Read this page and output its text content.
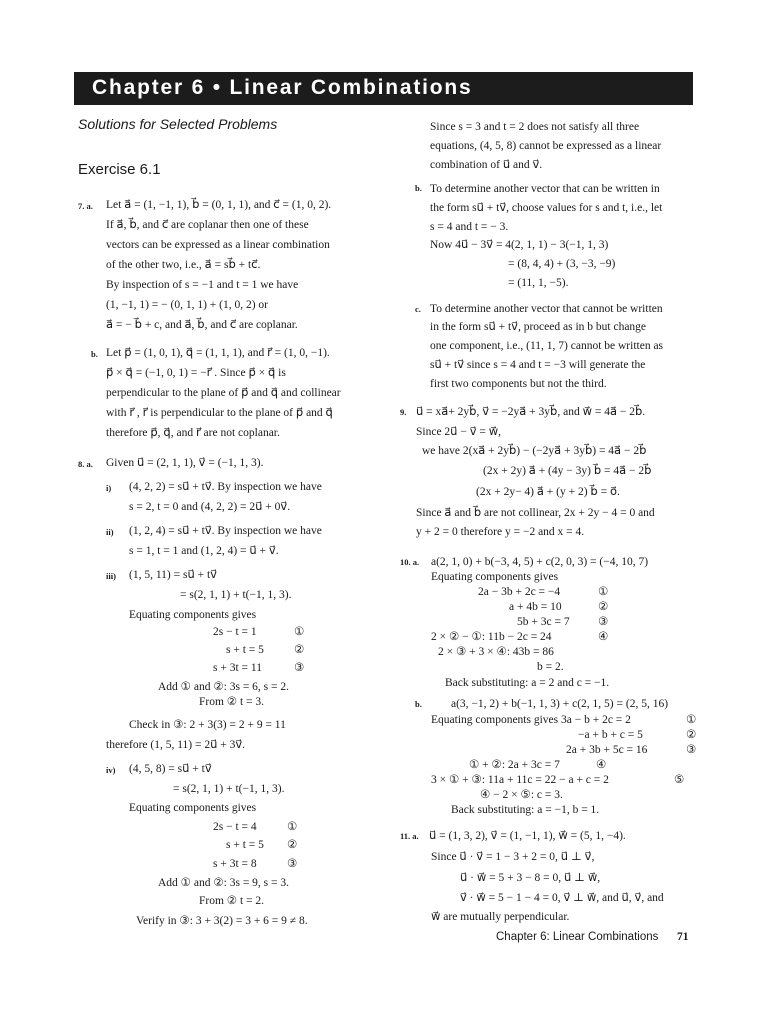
Chapter 6 • Linear Combinations
Solutions for Selected Problems
Exercise 6.1
7. a.
b.
8. a.
i)
ii)
iii)
iv)
b.
c.
9.
10. a.
b.
11. a.
Let a⃗ = (1, −1, 1), b⃗ = (0, 1, 1), and c⃗ = (1, 0, 2).
If a⃗, b⃗, and c⃗ are coplanar then one of these
vectors can be expressed as a linear combination
of the other two, i.e., a⃗ = sb⃗ + tc⃗.
By inspection of s = −1 and t = 1 we have
(1, −1, 1) = − (0, 1, 1) + (1, 0, 2) or
a⃗ = − b⃗ + c, and a⃗, b⃗, and c⃗ are coplanar.
Let p⃗ = (1, 0, 1), q⃗ = (1, 1, 1), and r⃗ = (1, 0, −1).
p⃗ × q⃗ = (−1, 0, 1) = −r⃗ . Since p⃗ × q⃗ is
perpendicular to the plane of p⃗ and q⃗ and collinear
with r⃗ , r⃗ is perpendicular to the plane of p⃗ and q⃗
therefore p⃗, q⃗, and r⃗ are not coplanar.
Given u⃗ = (2, 1, 1), v⃗ = (−1, 1, 3).
(4, 2, 2) = su⃗ + tv⃗. By inspection we have
s = 2, t = 0 and (4, 2, 2) = 2u⃗ + 0v⃗.
(1, 2, 4) = su⃗ + tv⃗. By inspection we have
s = 1, t = 1 and (1, 2, 4) = u⃗ + v⃗.
(1, 5, 11) = su⃗ + tv⃗
= s(2, 1, 1) + t(−1, 1, 3).
Equating components gives
2s − t = 1	①
s + t = 5	②
s + 3t = 11	③
Add ① and ②: 3s = 6, s = 2.
From ② t = 3.
Check in ③: 2 + 3(3) = 2 + 9 = 11
therefore (1, 5, 11) = 2u⃗ + 3v⃗.
(4, 5, 8) = su⃗ + tv⃗
= s(2, 1, 1) + t(−1, 1, 3).
Equating components gives
2s − t = 4	①
s + t = 5 ②
s + 3t = 8	③
Add ① and ②: 3s = 9, s = 3.
From ② t = 2.
Verify in ③: 3 + 3(2) = 3 + 6 = 9 ≠ 8.
Since s = 3 and t = 2 does not satisfy all three
equations, (4, 5, 8) cannot be expressed as a linear
combination of u⃗ and v⃗.
To determine another vector that can be written in
the form su⃗ + tv⃗, choose values for s and t, i.e., let
s = 4 and t = − 3.
Now 4u⃗ − 3v⃗ = 4(2, 1, 1) − 3(−1, 1, 3)
= (8, 4, 4) + (3, −3, −9)
= (11, 1, −5).
To determine another vector that cannot be written
in the form su⃗ + tv⃗, proceed as in b but change
one component, i.e., (11, 1, 7) cannot be written as
su⃗ + tv⃗ since s = 4 and t = −3 will generate the
first two components but not the third.
u⃗ = xa⃗+ 2yb⃗, v⃗ = −2ya⃗ + 3yb⃗, and w⃗ = 4a⃗ − 2b⃗.
Since 2u⃗ − v⃗ = w⃗,
we have 2(xa⃗ + 2yb⃗) − (−2ya⃗ + 3yb⃗) = 4a⃗ − 2b⃗
(2x + 2y) a⃗ + (4y − 3y) b⃗ = 4a⃗ − 2b⃗
(2x + 2y− 4) a⃗ + (y + 2) b⃗ = o⃗.
Since a⃗ and b⃗ are not collinear, 2x + 2y − 4 = 0 and
y + 2 = 0 therefore y = −2 and x = 4.
a(2, 1, 0) + b(−3, 4, 5) + c(2, 0, 3) = (−4, 10, 7)
Equating components gives
2a − 3b + 2c = −4	①
a + 4b = 10	②
5b + 3c = 7 ③
2 × ② − ①: 11b − 2c = 24	④
2 × ③ + 3 × ④: 43b = 86
b = 2.
Back substituting: a = 2 and c = −1.
a(3, −1, 2) + b(−1, 1, 3) + c(2, 1, 5) = (2, 5, 16)
Equating components gives 3a − b + 2c = 2	①
−a + b + c = 5	②
2a + 3b + 5c = 16	③
① + ②: 2a + 3c = 7	④
3 × ① + ③: 11a + 11c = 22 − a + c = 2	⑤
④ − 2 × ⑤: c = 3.
Back substituting: a = −1, b = 1.
u⃗ = (1, 3, 2), v⃗ = (1, −1, 1), w⃗ = (5, 1, −4).
Since u⃗ · v⃗ = 1 − 3 + 2 = 0, u⃗ ⊥ v⃗,
u⃗ · w⃗ = 5 + 3 − 8 = 0, u⃗ ⊥ w⃗,
v⃗ · w⃗ = 5 − 1 − 4 = 0, v⃗ ⊥ w⃗, and u⃗, v⃗, and
w⃗ are mutually perpendicular.
Chapter 6: Linear Combinations 71
